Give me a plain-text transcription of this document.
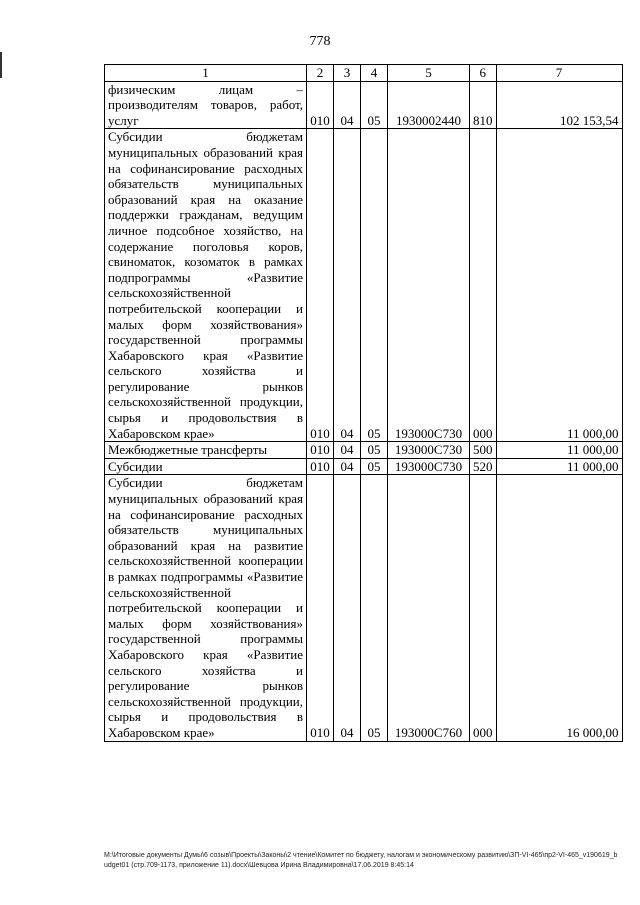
778
1	2	3	4	5	6	7
физическим лицам – производителям товаров, работ, услуг	010	04	05	1930002440	810	102 153,54
Субсидии бюджетам муниципальных образований края на софинансирование расходных обязательств муниципальных образований края на оказание поддержки гражданам, ведущим личное подсобное хозяйство, на содержание поголовья коров, свиноматок, козоматок в рамках подпрограммы «Развитие сельскохозяйственной потребительской кооперации и малых форм хозяйствования» государственной программы Хабаровского края «Развитие сельского хозяйства и регулирование рынков сельскохозяйственной продукции, сырья и продовольствия в Хабаровском крае»	010	04	05	193000С730	000	11 000,00
Межбюджетные трансферты	010	04	05	193000С730	500	11 000,00
Субсидии	010	04	05	193000С730	520	11 000,00
Субсидии бюджетам муниципальных образований края на софинансирование расходных обязательств муниципальных образований края на развитие сельскохозяйственной кооперации в рамках подпрограммы «Развитие сельскохозяйственной потребительской кооперации и малых форм хозяйствования» государственной программы Хабаровского края «Развитие сельского хозяйства и регулирование рынков сельскохозяйственной продукции, сырья и продовольствия в Хабаровском крае»	010	04	05	193000С760	000	16 000,00
M:\Итоговые документы Думы\6 созыв\Проекты\Законы\2 чтение\Комитет по бюджету, налогам и экономическому развитию\ЗП-VI-465\пр2-VI-465_v190619_budget01 (стр.709-1173, приложение 11).docx\Шевцова Ирина Владимировна\17.06.2019 8:45:14
